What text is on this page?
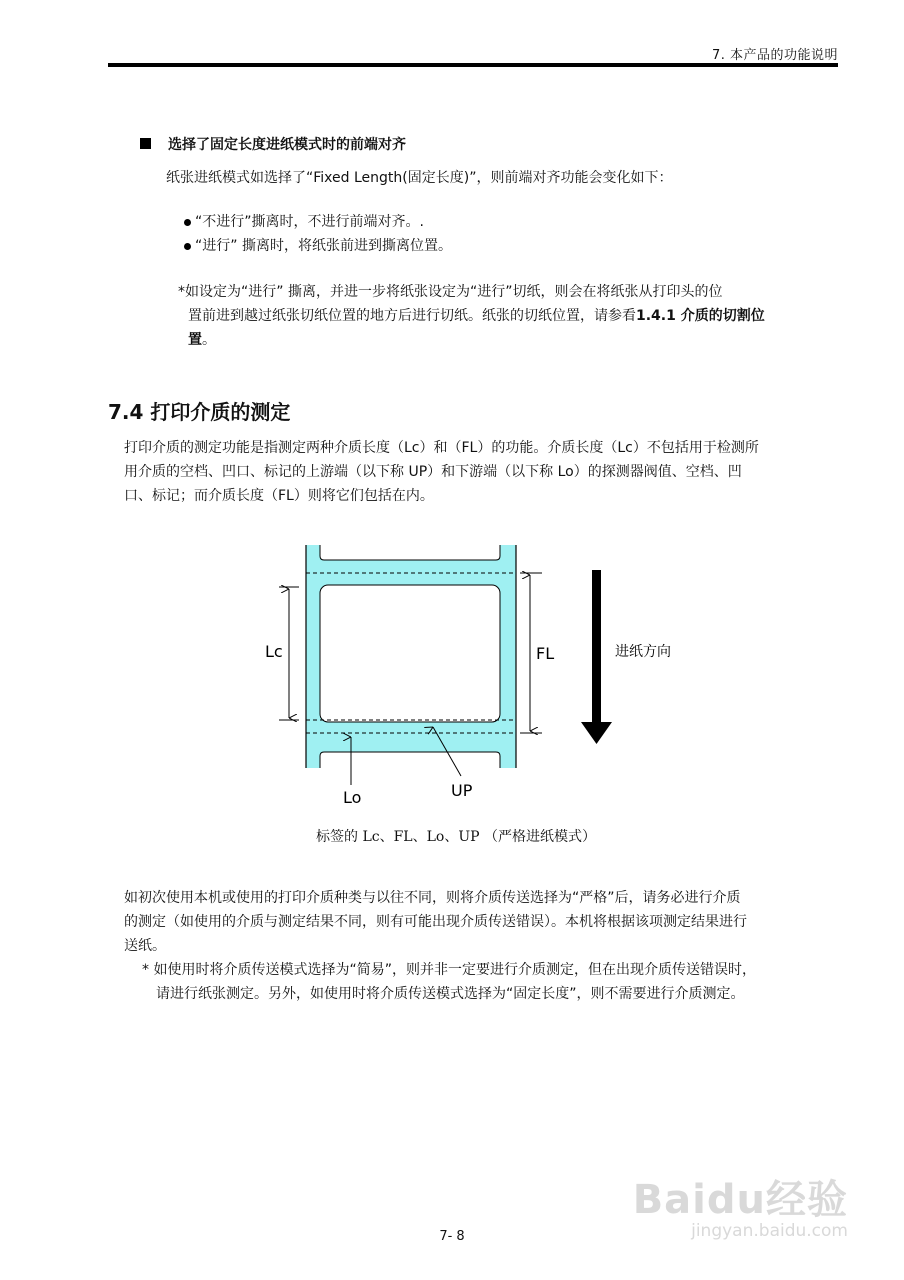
7. 本产品的功能说明
选择了固定长度进纸模式时的前端对齐
纸张进纸模式如选择了“Fixed Length(固定长度)”，则前端对齐功能会变化如下：
“不进行”撕离时，不进行前端对齐。.
“进行” 撕离时，将纸张前进到撕离位置。
*如设定为“进行” 撕离，并进一步将纸张设定为“进行”切纸，则会在将纸张从打印头的位
置前进到越过纸张切纸位置的地方后进行切纸。纸张的切纸位置，请参看1.4.1 介质的切割位
置。
7.4 打印介质的测定
打印介质的测定功能是指测定两种介质长度（Lc）和（FL）的功能。介质长度（Lc）不包括用于检测所
用介质的空档、凹口、标记的上游端（以下称 UP）和下游端（以下称 Lo）的探测器阀值、空档、凹
口、标记；而介质长度（FL）则将它们包括在内。
Lc	FL
Lo	UP
进纸方向
标签的 Lc、FL、Lo、UP （严格进纸模式）
如初次使用本机或使用的打印介质种类与以往不同，则将介质传送选择为“严格”后，请务必进行介质
的测定（如使用的介质与测定结果不同，则有可能出现介质传送错误）。本机将根据该项测定结果进行
送纸。
* 如使用时将介质传送模式选择为“简易”，则并非一定要进行介质测定，但在出现介质传送错误时，
请进行纸张测定。另外，如使用时将介质传送模式选择为“固定长度”，则不需要进行介质测定。
Baidu经验
jingyan.baidu.com
7- 8
